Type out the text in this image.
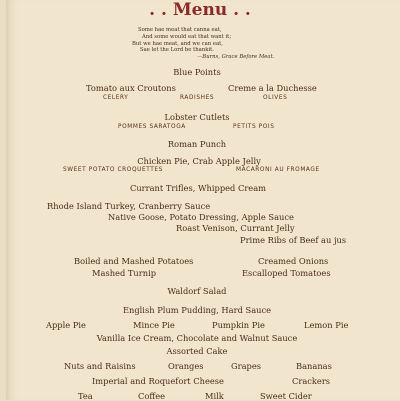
. . Menu . .
Some hae meat that canna eat,
And some would eat that want it;
But we hae meat, and we can eat,
Sae let the Lord be thankit.
—Burns, Grace Before Meat.
Blue Points
Tomato aux Croutons	Creme a la Duchesse
CELERY	RADISHES	OLIVES
Lobster Cutlets
POMMES SARATOGA	PETITS POIS
Roman Punch
Chicken Pie, Crab Apple Jelly
SWEET POTATO CROQUETTES	MACARONI AU FROMAGE
Currant Trifles, Whipped Cream
Rhode Island Turkey, Cranberry Sauce
Native Goose, Potato Dressing, Apple Sauce
Roast Venison, Currant Jelly
Prime Ribs of Beef au jus
Boiled and Mashed Potatoes	Creamed Onions
Mashed Turnip	Escalloped Tomatoes
Waldorf Salad
English Plum Pudding, Hard Sauce
Apple Pie	Mince Pie	Pumpkin Pie	Lemon Pie
Vanilla Ice Cream, Chocolate and Walnut Sauce
Assorted Cake
Nuts and Raisins	Oranges	Grapes	Bananas
Imperial and Roquefort Cheese	Crackers
Tea	Coffee	Milk	Sweet Cider
